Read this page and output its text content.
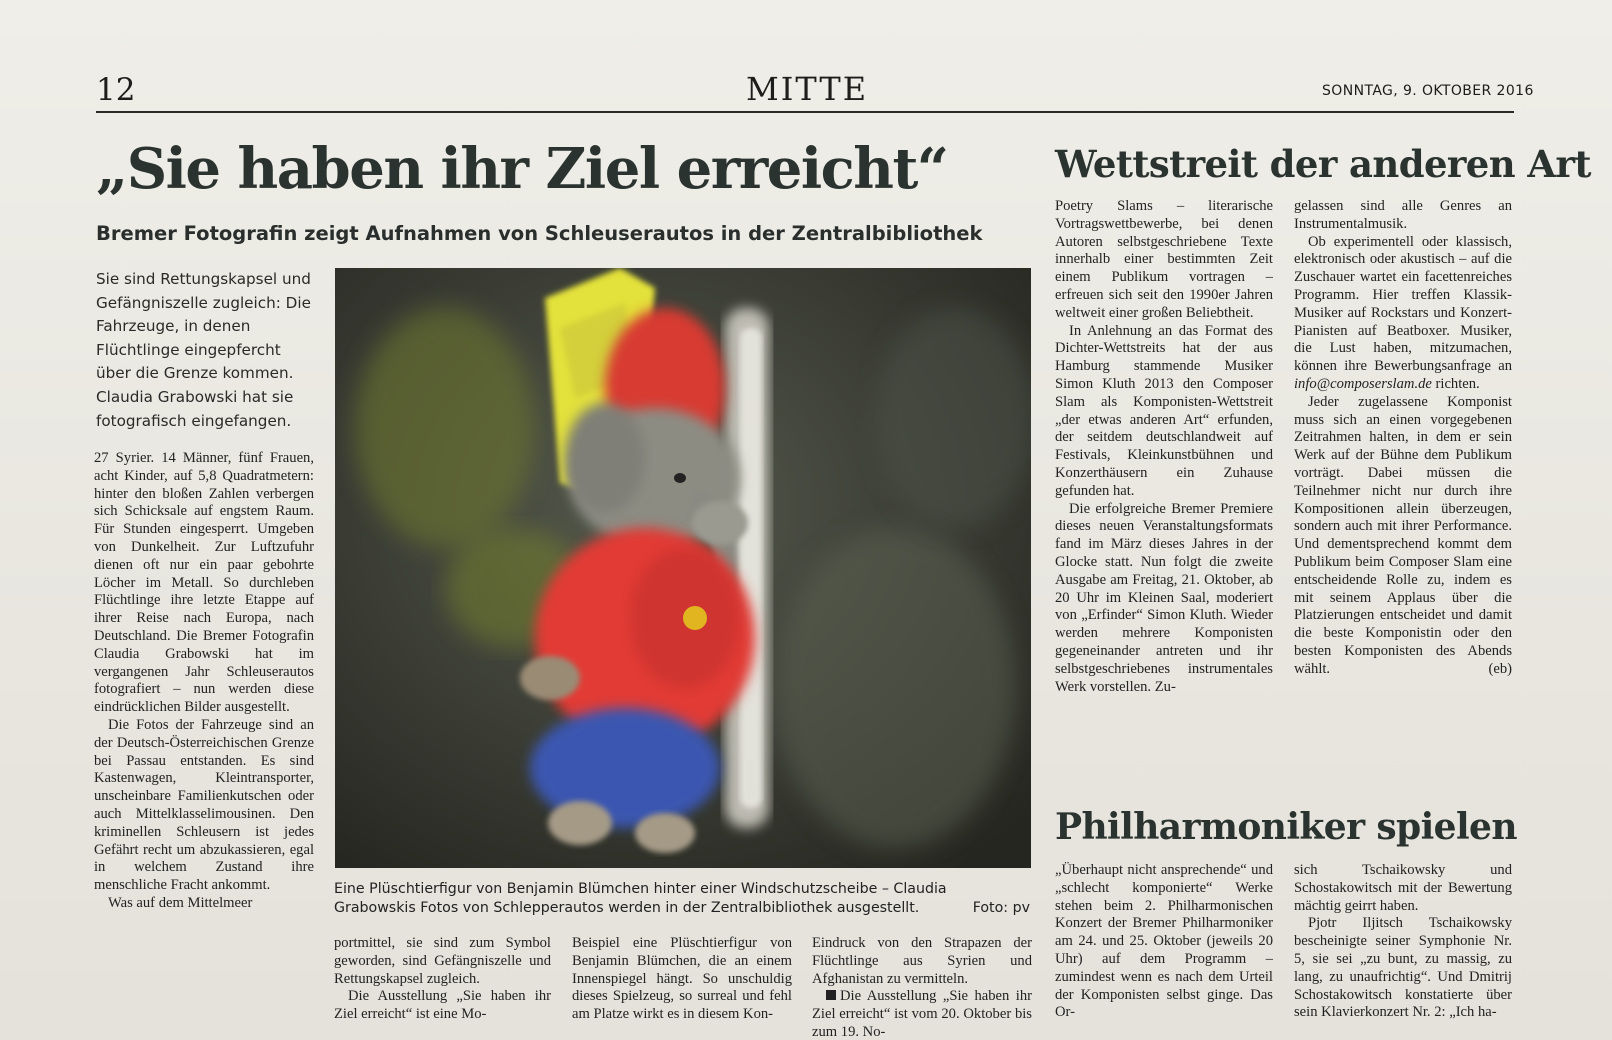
12	MITTE	SONNTAG, 9. OKTOBER 2016
„Sie haben ihr Ziel erreicht“
Bremer Fotografin zeigt Aufnahmen von Schleuserautos in der Zentralbibliothek
Sie sind Rettungskapsel und Gefängniszelle zugleich: Die Fahrzeuge, in denen Flüchtlinge eingepfercht über die Grenze kommen. Claudia Grabowski hat sie fotografisch eingefangen.

27 Syrier. 14 Männer, fünf Frauen, acht Kinder, auf 5,8 Quadratmetern: hinter den bloßen Zahlen verbergen sich Schicksale auf engstem Raum. Für Stunden eingesperrt. Umgeben von Dunkelheit. Zur Luftzufuhr dienen oft nur ein paar gebohrte Löcher im Metall. So durchleben Flüchtlinge ihre letzte Etappe auf ihrer Reise nach Europa, nach Deutschland. Die Bremer Fotografin Claudia Grabowski hat im vergangenen Jahr Schleuserautos fotografiert – nun werden diese eindrücklichen Bilder ausgestellt.

Die Fotos der Fahrzeuge sind an der Deutsch-Österreichischen Grenze bei Passau entstanden. Es sind Kastenwagen, Kleintransporter, unscheinbare Familienkutschen oder auch Mittelklasselimousinen. Den kriminellen Schleusern ist jedes Gefährt recht um abzukassieren, egal in welchem Zustand ihre menschliche Fracht ankommt.

Was auf dem Mittelmeer

Eine Plüschtierfigur von Benjamin Blümchen hinter einer Windschutzscheibe – Claudia Grabowskis Fotos von Schlepperautos werden in der Zentralbibliothek ausgestellt.	Foto: pv

portmittel, sie sind zum Symbol geworden, sind Gefängniszelle und Rettungskapsel zugleich.

Die Ausstellung „Sie haben ihr Ziel erreicht“ ist eine Mo-

Beispiel eine Plüschtierfigur von Benjamin Blümchen, die an einem Innenspiegel hängt. So unschuldig dieses Spielzeug, so surreal und fehl am Platze wirkt es in diesem Kon-

Eindruck von den Strapazen der Flüchtlinge aus Syrien und Afghanistan zu vermitteln.

Die Ausstellung „Sie haben ihr Ziel erreicht“ ist vom 20. Oktober bis zum 19. No-

Wettstreit der anderen Art

Poetry Slams – literarische Vortragswettbewerbe, bei denen Autoren selbstgeschriebene Texte innerhalb einer bestimmten Zeit einem Publikum vortragen – erfreuen sich seit den 1990er Jahren weltweit einer großen Beliebtheit.

In Anlehnung an das Format des Dichter-Wettstreits hat der aus Hamburg stammende Musiker Simon Kluth 2013 den Composer Slam als Komponisten-Wettstreit „der etwas anderen Art“ erfunden, der seitdem deutschlandweit auf Festivals, Kleinkunstbühnen und Konzerthäusern ein Zuhause gefunden hat.

Die erfolgreiche Bremer Premiere dieses neuen Veranstaltungsformats fand im März dieses Jahres in der Glocke statt. Nun folgt die zweite Ausgabe am Freitag, 21. Oktober, ab 20 Uhr im Kleinen Saal, moderiert von „Erfinder“ Simon Kluth. Wieder werden mehrere Komponisten gegeneinander antreten und ihr selbstgeschriebenes instrumentales Werk vorstellen. Zu-

gelassen sind alle Genres an Instrumentalmusik.

Ob experimentell oder klassisch, elektronisch oder akustisch – auf die Zuschauer wartet ein facettenreiches Programm. Hier treffen Klassik-Musiker auf Rockstars und Konzert-Pianisten auf Beatboxer. Musiker, die Lust haben, mitzumachen, können ihre Bewerbungsanfrage an info@composerslam.de richten.

Jeder zugelassene Komponist muss sich an einen vorgegebenen Zeitrahmen halten, in dem er sein Werk auf der Bühne dem Publikum vorträgt. Dabei müssen die Teilnehmer nicht nur durch ihre Kompositionen allein überzeugen, sondern auch mit ihrer Performance. Und dementsprechend kommt dem Publikum beim Composer Slam eine entscheidende Rolle zu, indem es mit seinem Applaus über die Platzierungen entscheidet und damit die beste Komponistin oder den besten Komponisten des Abends wählt.	(eb)

Philharmoniker spielen

„Überhaupt nicht ansprechende“ und „schlecht komponierte“ Werke stehen beim 2. Philharmonischen Konzert der Bremer Philharmoniker am 24. und 25. Oktober (jeweils 20 Uhr) auf dem Programm – zumindest wenn es nach dem Urteil der Komponisten selbst ginge. Das Or-

sich Tschaikowsky und Schostakowitsch mit der Bewertung mächtig geirrt haben.

Pjotr Iljitsch Tschaikowsky bescheinigte seiner Symphonie Nr. 5, sie sei „zu bunt, zu massig, zu lang, zu unaufrichtig“. Und Dmitrij Schostakowitsch konstatierte über sein Klavierkonzert Nr. 2: „Ich ha-
